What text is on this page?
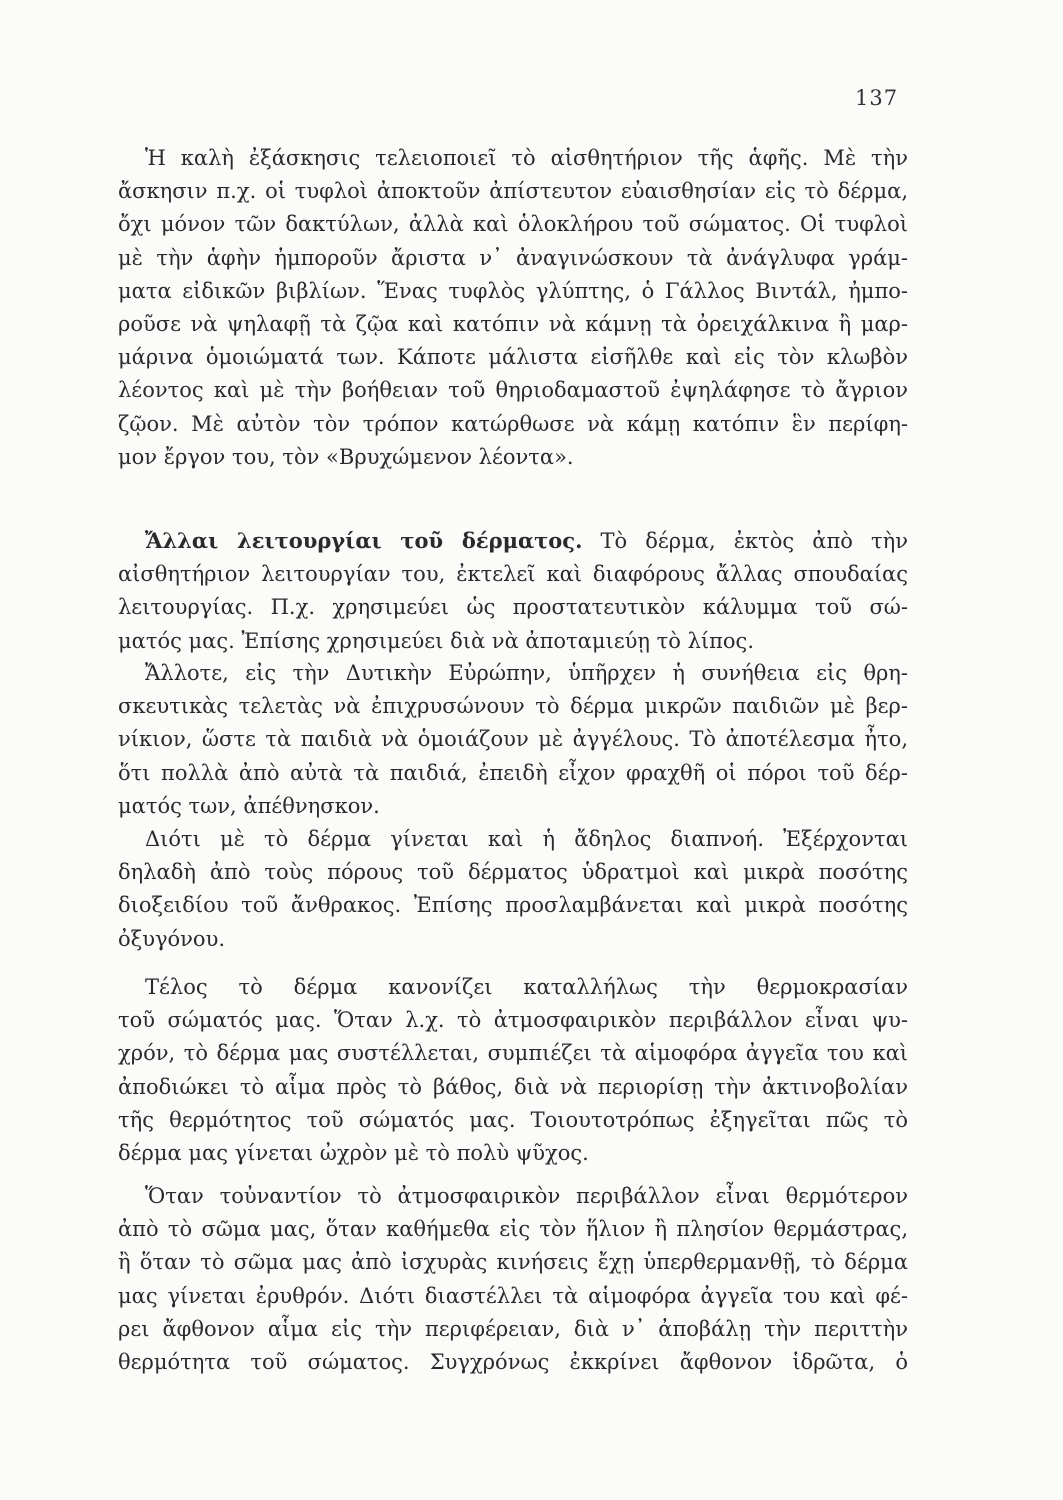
137
Ἡ καλὴ ἐξάσκησις τελειοποιεῖ τὸ αἰσθητήριον τῆς ἁφῆς. Μὲ τὴν
ἄσκησιν π.χ. οἱ τυφλοὶ ἀποκτοῦν ἀπίστευτον εὐαισθησίαν εἰς τὸ δέρμα,
ὄχι μόνον τῶν δακτύλων, ἀλλὰ καὶ ὁλοκλήρου τοῦ σώματος. Οἱ τυφλοὶ
μὲ τὴν ἁφὴν ἠμποροῦν ἄριστα ν᾽ ἀναγινώσκουν τὰ ἀνάγλυφα γράμ-
ματα εἰδικῶν βιβλίων. Ἕνας τυφλὸς γλύπτης, ὁ Γάλλος Βιντάλ, ἠμπο-
ροῦσε νὰ ψηλαφῇ τὰ ζῷα καὶ κατόπιν νὰ κάμνῃ τὰ ὀρειχάλκινα ἢ μαρ-
μάρινα ὁμοιώματά των. Κάποτε μάλιστα εἰσῆλθε καὶ εἰς τὸν κλωβὸν
λέοντος καὶ μὲ τὴν βοήθειαν τοῦ θηριοδαμαστοῦ ἐψηλάφησε τὸ ἄγριον
ζῷον. Μὲ αὐτὸν τὸν τρόπον κατώρθωσε νὰ κάμῃ κατόπιν ἓν περίφη-
μον ἔργον του, τὸν «Βρυχώμενον λέοντα».
Ἄλλαι λειτουργίαι τοῦ δέρματος. Τὸ δέρμα, ἐκτὸς ἀπὸ τὴν
αἰσθητήριον λειτουργίαν του, ἐκτελεῖ καὶ διαφόρους ἄλλας σπουδαίας
λειτουργίας. Π.χ. χρησιμεύει ὡς προστατευτικὸν κάλυμμα τοῦ σώ-
ματός μας. Ἐπίσης χρησιμεύει διὰ νὰ ἀποταμιεύῃ τὸ λίπος.
Ἄλλοτε, εἰς τὴν Δυτικὴν Εὐρώπην, ὑπῆρχεν ἡ συνήθεια εἰς θρη-
σκευτικὰς τελετὰς νὰ ἐπιχρυσώνουν τὸ δέρμα μικρῶν παιδιῶν μὲ βερ-
νίκιον, ὥστε τὰ παιδιὰ νὰ ὁμοιάζουν μὲ ἀγγέλους. Τὸ ἀποτέλεσμα ἦτο,
ὅτι πολλὰ ἀπὸ αὐτὰ τὰ παιδιά, ἐπειδὴ εἶχον φραχθῆ οἱ πόροι τοῦ δέρ-
ματός των, ἀπέθνησκον.
Διότι μὲ τὸ δέρμα γίνεται καὶ ἡ ἄδηλος διαπνοή. Ἐξέρχονται
δηλαδὴ ἀπὸ τοὺς πόρους τοῦ δέρματος ὑδρατμοὶ καὶ μικρὰ ποσότης
διοξειδίου τοῦ ἄνθρακος. Ἐπίσης προσλαμβάνεται καὶ μικρὰ ποσότης
ὀξυγόνου.
Τέλος τὸ δέρμα κανονίζει καταλλήλως τὴν θερμοκρασίαν
τοῦ σώματός μας. Ὅταν λ.χ. τὸ ἀτμοσφαιρικὸν περιβάλλον εἶναι ψυ-
χρόν, τὸ δέρμα μας συστέλλεται, συμπιέζει τὰ αἱμοφόρα ἀγγεῖα του καὶ
ἀποδιώκει τὸ αἷμα πρὸς τὸ βάθος, διὰ νὰ περιορίσῃ τὴν ἀκτινοβολίαν
τῆς θερμότητος τοῦ σώματός μας. Τοιουτοτρόπως ἐξηγεῖται πῶς τὸ
δέρμα μας γίνεται ὠχρὸν μὲ τὸ πολὺ ψῦχος.
Ὅταν τοὐναντίον τὸ ἀτμοσφαιρικὸν περιβάλλον εἶναι θερμότερον
ἀπὸ τὸ σῶμα μας, ὅταν καθήμεθα εἰς τὸν ἥλιον ἢ πλησίον θερμάστρας,
ἢ ὅταν τὸ σῶμα μας ἀπὸ ἰσχυρὰς κινήσεις ἔχῃ ὑπερθερμανθῇ, τὸ δέρμα
μας γίνεται ἐρυθρόν. Διότι διαστέλλει τὰ αἱμοφόρα ἀγγεῖα του καὶ φέ-
ρει ἄφθονον αἷμα εἰς τὴν περιφέρειαν, διὰ ν᾽ ἀποβάλῃ τὴν περιττὴν
θερμότητα τοῦ σώματος. Συγχρόνως ἐκκρίνει ἄφθονον ἱδρῶτα, ὁ
